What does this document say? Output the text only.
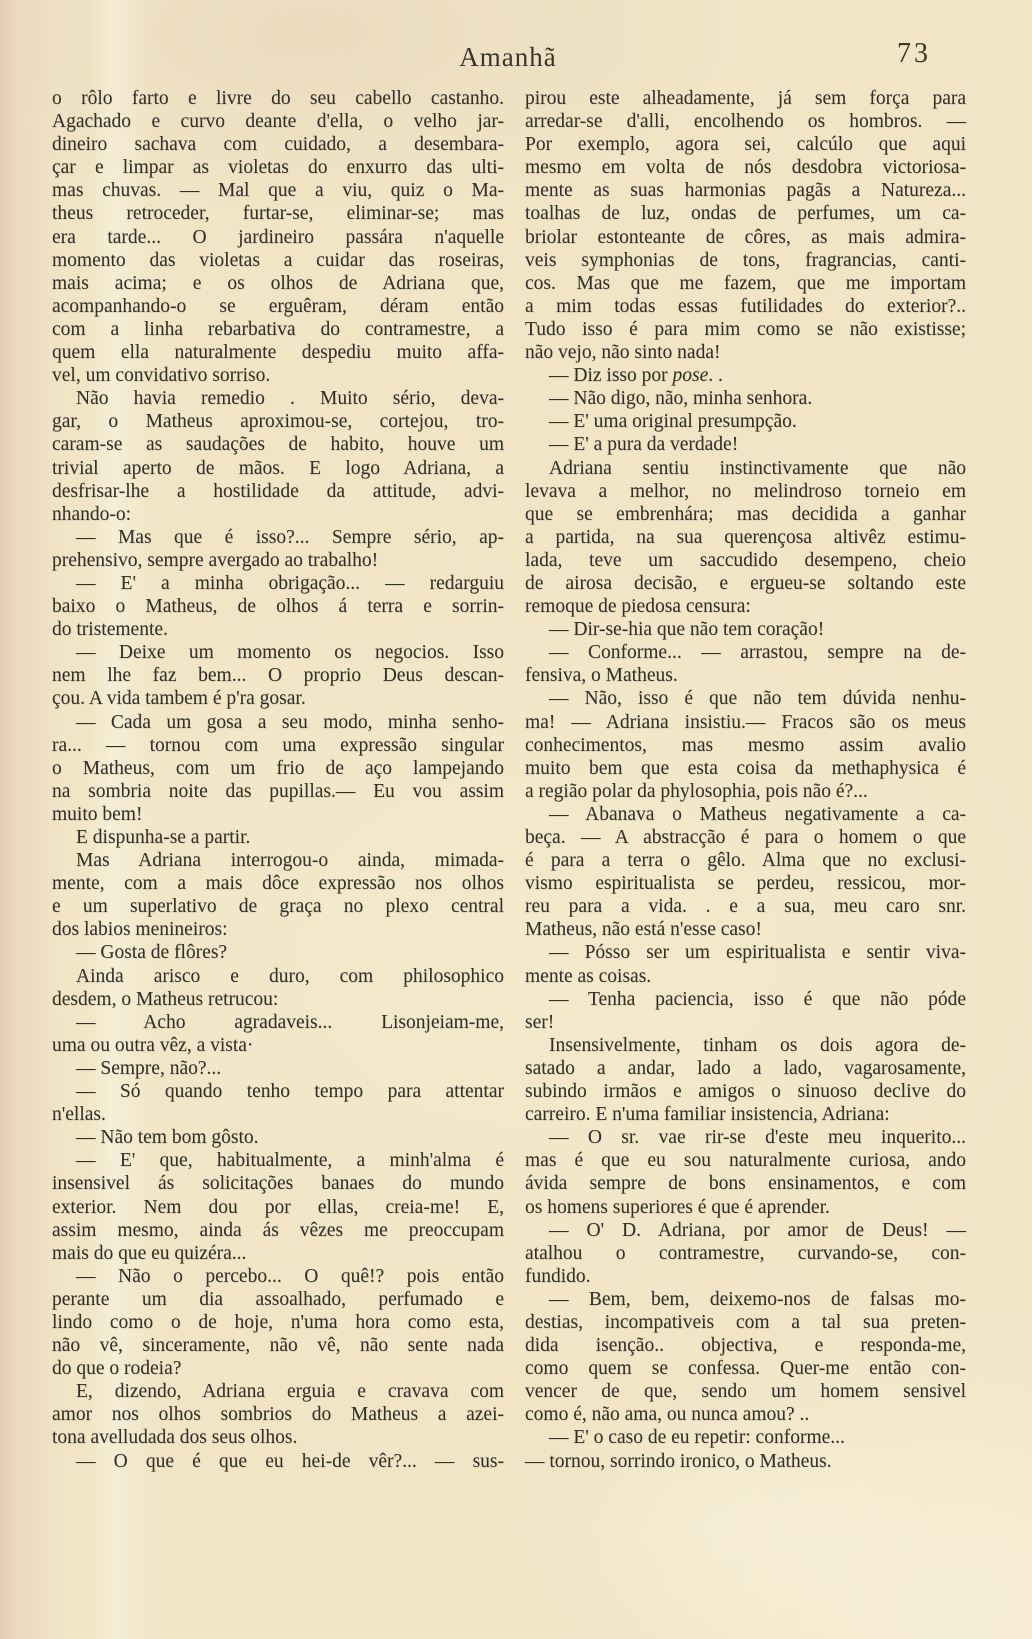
Amanhã	73
o rôlo farto e livre do seu cabello castanho.
Agachado e curvo deante d'ella, o velho jar-
dineiro sachava com cuidado, a desembara-
çar e limpar as violetas do enxurro das ulti-
mas chuvas. — Mal que a viu, quiz o Ma-
theus retroceder, furtar-se, eliminar-se; mas
era tarde... O jardineiro passára n'aquelle
momento das violetas a cuidar das roseiras,
mais acima; e os olhos de Adriana que,
acompanhando-o se erguêram, déram então
com a linha rebarbativa do contramestre, a
quem ella naturalmente despediu muito affa-
vel, um convidativo sorriso.
Não havia remedio . Muito sério, deva-
gar, o Matheus aproximou-se, cortejou, tro-
caram-se as saudações de habito, houve um
trivial aperto de mãos. E logo Adriana, a
desfrisar-lhe a hostilidade da attitude, advi-
nhando-o:
— Mas que é isso?... Sempre sério, ap-
prehensivo, sempre avergado ao trabalho!
— E' a minha obrigação... — redarguiu
baixo o Matheus, de olhos á terra e sorrin-
do tristemente.
— Deixe um momento os negocios. Isso
nem lhe faz bem... O proprio Deus descan-
çou. A vida tambem é p'ra gosar.
— Cada um gosa a seu modo, minha senho-
ra... — tornou com uma expressão singular
o Matheus, com um frio de aço lampejando
na sombria noite das pupillas.— Eu vou assim
muito bem!
E dispunha-se a partir.
Mas Adriana interrogou-o ainda, mimada-
mente, com a mais dôce expressão nos olhos
e um superlativo de graça no plexo central
dos labios menineiros:
— Gosta de flôres?
Ainda arisco e duro, com philosophico
desdem, o Matheus retrucou:
— Acho agradaveis... Lisonjeiam-me,
uma ou outra vêz, a vista·
— Sempre, não?...
— Só quando tenho tempo para attentar
n'ellas.
— Não tem bom gôsto.
— E' que, habitualmente, a minh'alma é
insensivel ás solicitações banaes do mundo
exterior. Nem dou por ellas, creia-me! E,
assim mesmo, ainda ás vêzes me preoccupam
mais do que eu quizéra...
— Não o percebo... O quê!? pois então
perante um dia assoalhado, perfumado e
lindo como o de hoje, n'uma hora como esta,
não vê, sinceramente, não vê, não sente nada
do que o rodeia?
E, dizendo, Adriana erguia e cravava com
amor nos olhos sombrios do Matheus a azei-
tona avelludada dos seus olhos.
— O que é que eu hei-de vêr?... — sus-
pirou este alheadamente, já sem força para
arredar-se d'alli, encolhendo os hombros. —
Por exemplo, agora sei, calcúlo que aqui
mesmo em volta de nós desdobra victoriosa-
mente as suas harmonias pagãs a Natureza...
toalhas de luz, ondas de perfumes, um ca-
briolar estonteante de côres, as mais admira-
veis symphonias de tons, fragrancias, canti-
cos. Mas que me fazem, que me importam
a mim todas essas futilidades do exterior?..
Tudo isso é para mim como se não existisse;
não vejo, não sinto nada!
— Diz isso por pose. .
— Não digo, não, minha senhora.
— E' uma original presumpção.
— E' a pura da verdade!
Adriana sentiu instinctivamente que não
levava a melhor, no melindroso torneio em
que se embrenhára; mas decidida a ganhar
a partida, na sua querençosa altivêz estimu-
lada, teve um saccudido desempeno, cheio
de airosa decisão, e ergueu-se soltando este
remoque de piedosa censura:
— Dir-se-hia que não tem coração!
— Conforme... — arrastou, sempre na de-
fensiva, o Matheus.
— Não, isso é que não tem dúvida nenhu-
ma! — Adriana insistiu.— Fracos são os meus
conhecimentos, mas mesmo assim avalio
muito bem que esta coisa da methaphysica é
a região polar da phylosophia, pois não é?...
— Abanava o Matheus negativamente a ca-
beça. — A abstracção é para o homem o que
é para a terra o gêlo. Alma que no exclusi-
vismo espiritualista se perdeu, ressicou, mor-
reu para a vida. . e a sua, meu caro snr.
Matheus, não está n'esse caso!
— Pósso ser um espiritualista e sentir viva-
mente as coisas.
— Tenha paciencia, isso é que não póde
ser!
Insensivelmente, tinham os dois agora de-
satado a andar, lado a lado, vagarosamente,
subindo irmãos e amigos o sinuoso declive do
carreiro. E n'uma familiar insistencia, Adriana:
— O sr. vae rir-se d'este meu inquerito...
mas é que eu sou naturalmente curiosa, ando
ávida sempre de bons ensinamentos, e com
os homens superiores é que é aprender.
— O' D. Adriana, por amor de Deus! —
atalhou o contramestre, curvando-se, con-
fundido.
— Bem, bem, deixemo-nos de falsas mo-
destias, incompativeis com a tal sua preten-
dida isenção.. objectiva, e responda-me,
como quem se confessa. Quer-me então con-
vencer de que, sendo um homem sensivel
como é, não ama, ou nunca amou? ..
— E' o caso de eu repetir: conforme...
— tornou, sorrindo ironico, o Matheus.
